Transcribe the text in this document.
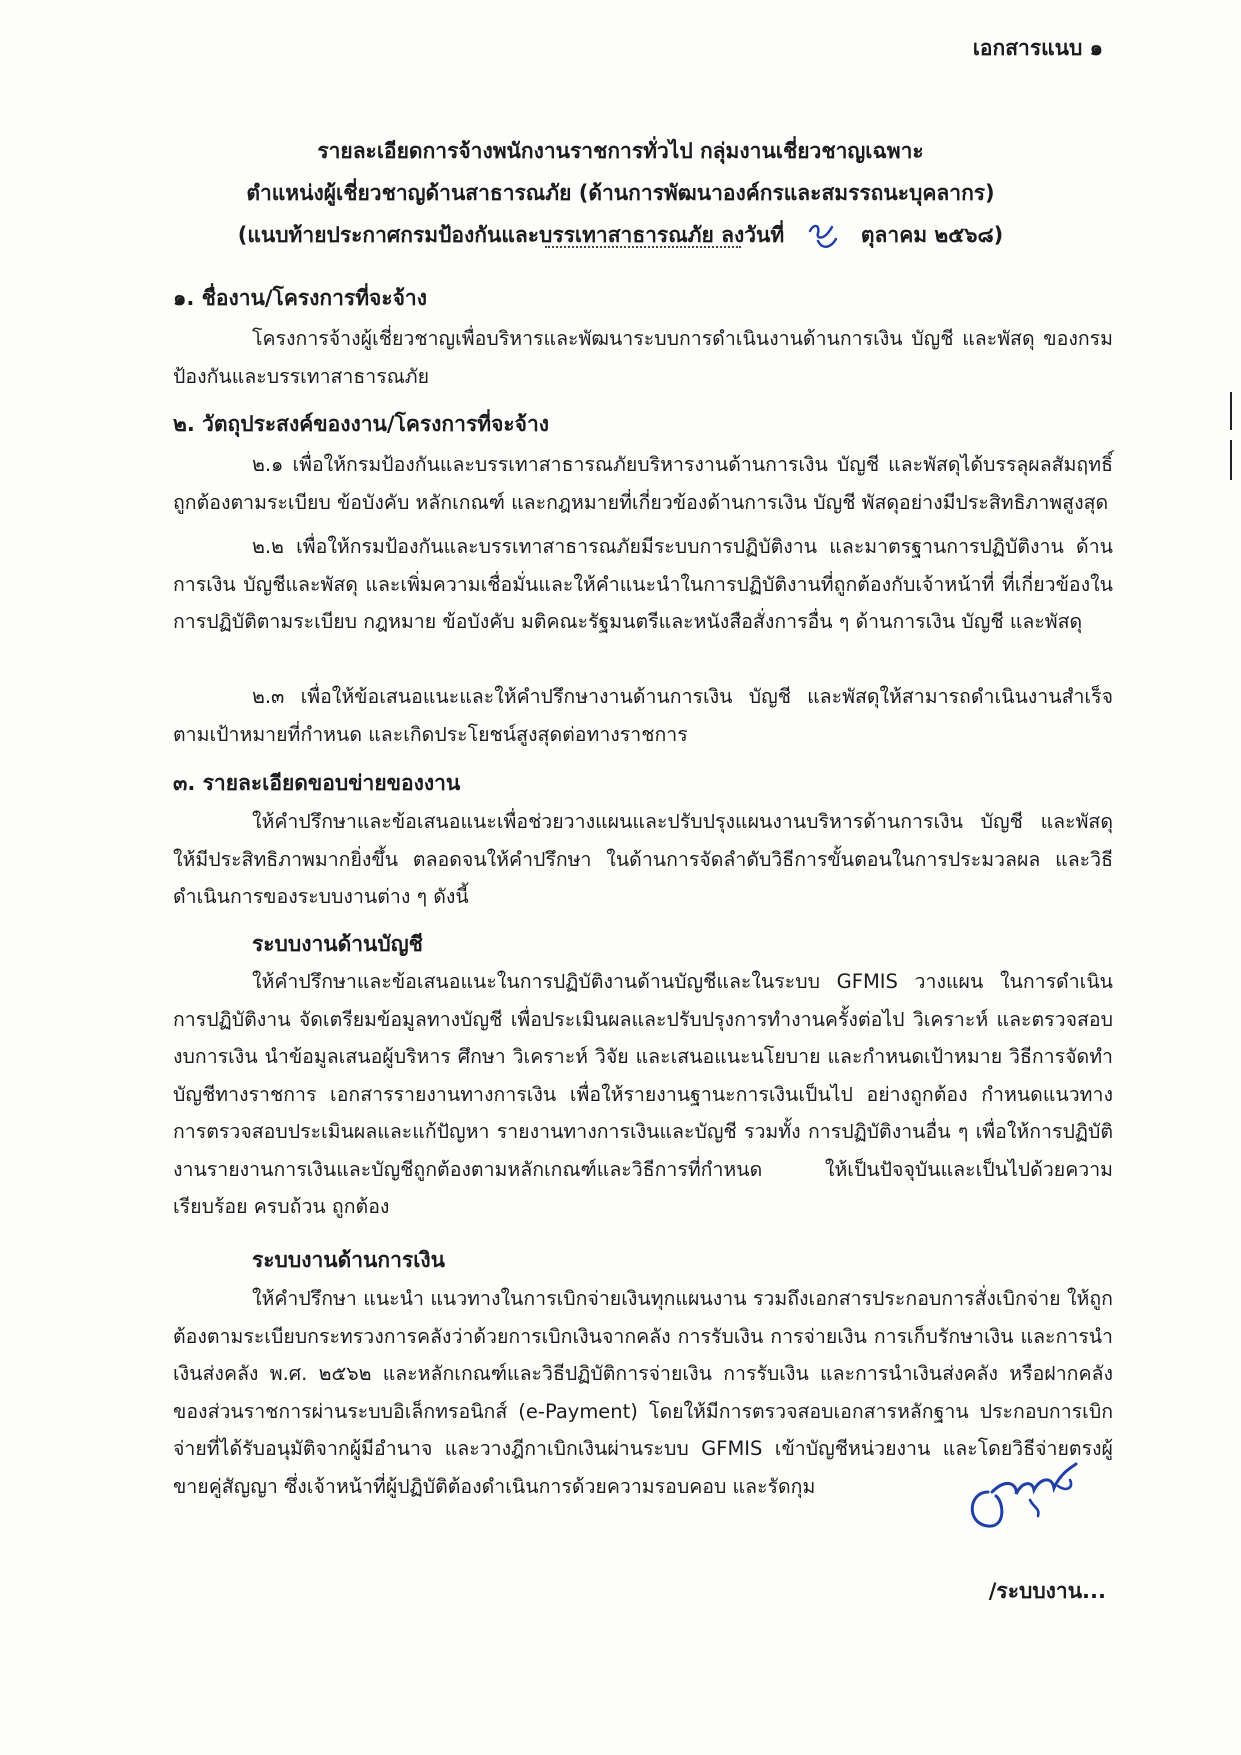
เอกสารแนบ ๑
รายละเอียดการจ้างพนักงานราชการทั่วไป กลุ่มงานเชี่ยวชาญเฉพาะ
ตำแหน่งผู้เชี่ยวชาญด้านสาธารณภัย (ด้านการพัฒนาองค์กรและสมรรถนะบุคลากร)
(แนบท้ายประกาศกรมป้องกันและบรรเทาสาธารณภัย ลงวันที่	ตุลาคม ๒๕๖๘)
๑. ชื่องาน/โครงการที่จะจ้าง
โครงการจ้างผู้เชี่ยวชาญเพื่อบริหารและพัฒนาระบบการดำเนินงานด้านการเงิน บัญชี และพัสดุ ของกรมป้องกันและบรรเทาสาธารณภัย
๒. วัตถุประสงค์ของงาน/โครงการที่จะจ้าง
๒.๑ เพื่อให้กรมป้องกันและบรรเทาสาธารณภัยบริหารงานด้านการเงิน บัญชี และพัสดุได้บรรลุผลสัมฤทธิ์ ถูกต้องตามระเบียบ ข้อบังคับ หลักเกณฑ์ และกฎหมายที่เกี่ยวข้องด้านการเงิน บัญชี พัสดุอย่างมีประสิทธิภาพสูงสุด
๒.๒ เพื่อให้กรมป้องกันและบรรเทาสาธารณภัยมีระบบการปฏิบัติงาน และมาตรฐานการปฏิบัติงาน ด้านการเงิน บัญชีและพัสดุ และเพิ่มความเชื่อมั่นและให้คำแนะนำในการปฏิบัติงานที่ถูกต้องกับเจ้าหน้าที่ ที่เกี่ยวข้องในการปฏิบัติตามระเบียบ กฎหมาย ข้อบังคับ มติคณะรัฐมนตรีและหนังสือสั่งการอื่น ๆ ด้านการเงิน บัญชี และพัสดุ
๒.๓ เพื่อให้ข้อเสนอแนะและให้คำปรึกษางานด้านการเงิน บัญชี และพัสดุให้สามารถดำเนินงานสำเร็จ ตามเป้าหมายที่กำหนด และเกิดประโยชน์สูงสุดต่อทางราชการ
๓. รายละเอียดขอบข่ายของงาน
ให้คำปรึกษาและข้อเสนอแนะเพื่อช่วยวางแผนและปรับปรุงแผนงานบริหารด้านการเงิน บัญชี และพัสดุ ให้มีประสิทธิภาพมากยิ่งขึ้น ตลอดจนให้คำปรึกษา ในด้านการจัดลำดับวิธีการขั้นตอนในการประมวลผล และวิธีดำเนินการของระบบงานต่าง ๆ ดังนี้
ระบบงานด้านบัญชี
ให้คำปรึกษาและข้อเสนอแนะในการปฏิบัติงานด้านบัญชีและในระบบ GFMIS วางแผน ในการดำเนินการปฏิบัติงาน จัดเตรียมข้อมูลทางบัญชี เพื่อประเมินผลและปรับปรุงการทำงานครั้งต่อไป วิเคราะห์ และตรวจสอบงบการเงิน นำข้อมูลเสนอผู้บริหาร ศึกษา วิเคราะห์ วิจัย และเสนอแนะนโยบาย และกำหนดเป้าหมาย วิธีการจัดทำบัญชีทางราชการ เอกสารรายงานทางการเงิน เพื่อให้รายงานฐานะการเงินเป็นไป อย่างถูกต้อง กำหนดแนวทางการตรวจสอบประเมินผลและแก้ปัญหา รายงานทางการเงินและบัญชี รวมทั้ง การปฏิบัติงานอื่น ๆ เพื่อให้การปฏิบัติงานรายงานการเงินและบัญชีถูกต้องตามหลักเกณฑ์และวิธีการที่กำหนด ให้เป็นปัจจุบันและเป็นไปด้วยความเรียบร้อย ครบถ้วน ถูกต้อง
ระบบงานด้านการเงิน
ให้คำปรึกษา แนะนำ แนวทางในการเบิกจ่ายเงินทุกแผนงาน รวมถึงเอกสารประกอบการสั่งเบิกจ่าย ให้ถูกต้องตามระเบียบกระทรวงการคลังว่าด้วยการเบิกเงินจากคลัง การรับเงิน การจ่ายเงิน การเก็บรักษาเงิน และการนำเงินส่งคลัง พ.ศ. ๒๕๖๒ และหลักเกณฑ์และวิธีปฏิบัติการจ่ายเงิน การรับเงิน และการนำเงินส่งคลัง หรือฝากคลังของส่วนราชการผ่านระบบอิเล็กทรอนิกส์ (e-Payment) โดยให้มีการตรวจสอบเอกสารหลักฐาน ประกอบการเบิกจ่ายที่ได้รับอนุมัติจากผู้มีอำนาจ และวางฎีกาเบิกเงินผ่านระบบ GFMIS เข้าบัญชีหน่วยงาน และโดยวิธีจ่ายตรงผู้ขายคู่สัญญา ซึ่งเจ้าหน้าที่ผู้ปฏิบัติต้องดำเนินการด้วยความรอบคอบ และรัดกุม
/ระบบงาน...
